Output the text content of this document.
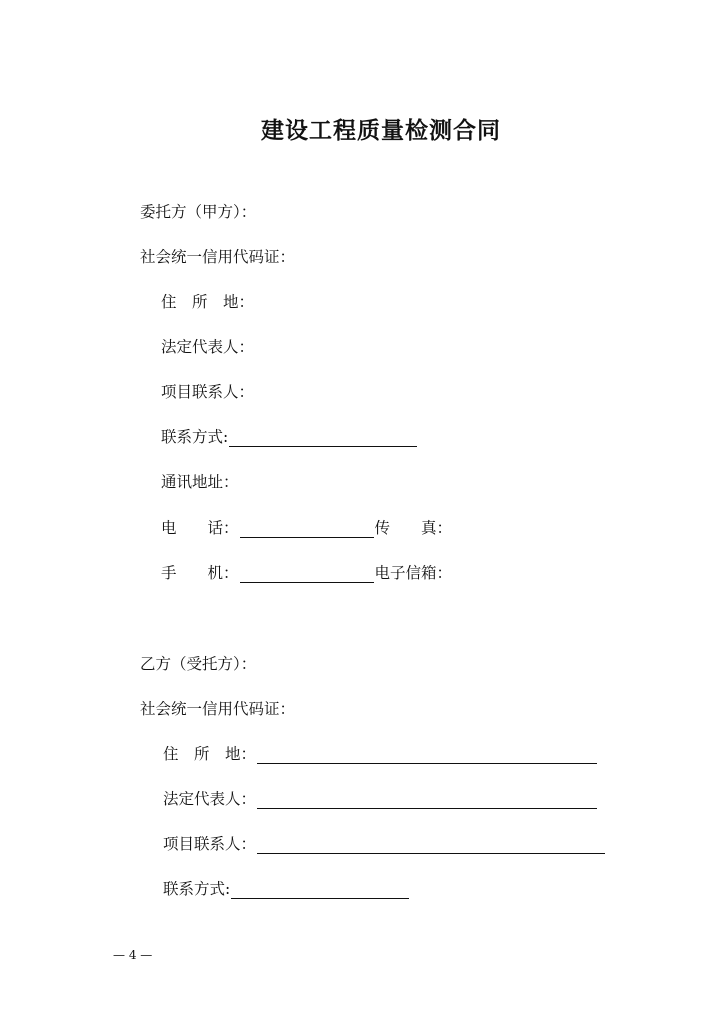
建设工程质量检测合同
委托方（甲方）：
社会统一信用代码证：
住　所　地：
法定代表人：
项目联系人：
联系方式:
通讯地址：
电　　话：	传　　真：
手　　机：	电子信箱：
乙方（受托方）：
社会统一信用代码证：
住　所　地：
法定代表人：
项目联系人：
联系方式:
— 4 —
